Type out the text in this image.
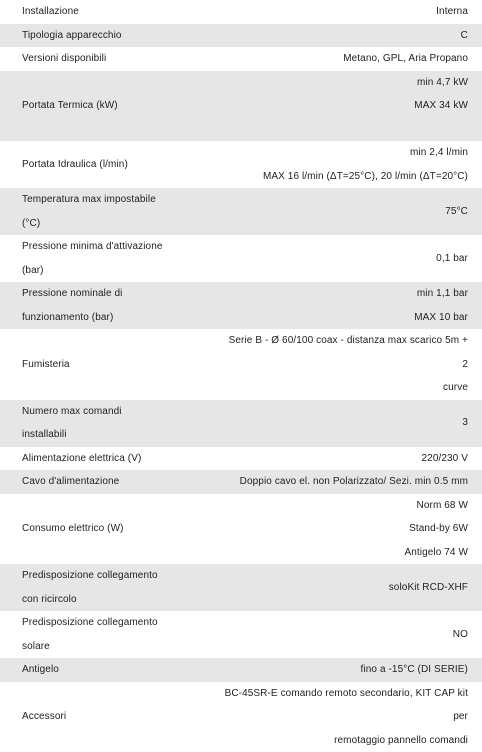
Installazione	Interna

Tipologia apparecchio	C

Versioni disponibili	Metano, GPL, Aria Propano

Portata Termica (kW)	min 4,7 kW
MAX 34 kW

Portata Idraulica (l/min)	min 2,4 l/min
MAX 16 l/min (ΔT=25°C), 20 l/min (ΔT=20°C)

Temperatura max impostabile
(°C)	75°C

Pressione minima d'attivazione
(bar)	0,1 bar

Pressione nominale di
funzionamento (bar)	min 1,1 bar
MAX 10 bar

Fumisteria	Serie B - Ø 60/100 coax - distanza max scarico 5m + 2
curve

Numero max comandi
installabili	3

Alimentazione elettrica (V)	220/230 V

Cavo d'alimentazione	Doppio cavo el. non Polarizzato/ Sezi. min 0.5 mm

Consumo elettrico (W)	Norm 68 W
Stand-by 6W
Antigelo 74 W

Predisposizione collegamento
con ricircolo	soloKit RCD-XHF

Predisposizione collegamento
solare	NO

Antigelo	fino a -15°C (DI SERIE)

Accessori	BC-45SR-E comando remoto secondario, KIT CAP kit per
remotaggio pannello comandi
